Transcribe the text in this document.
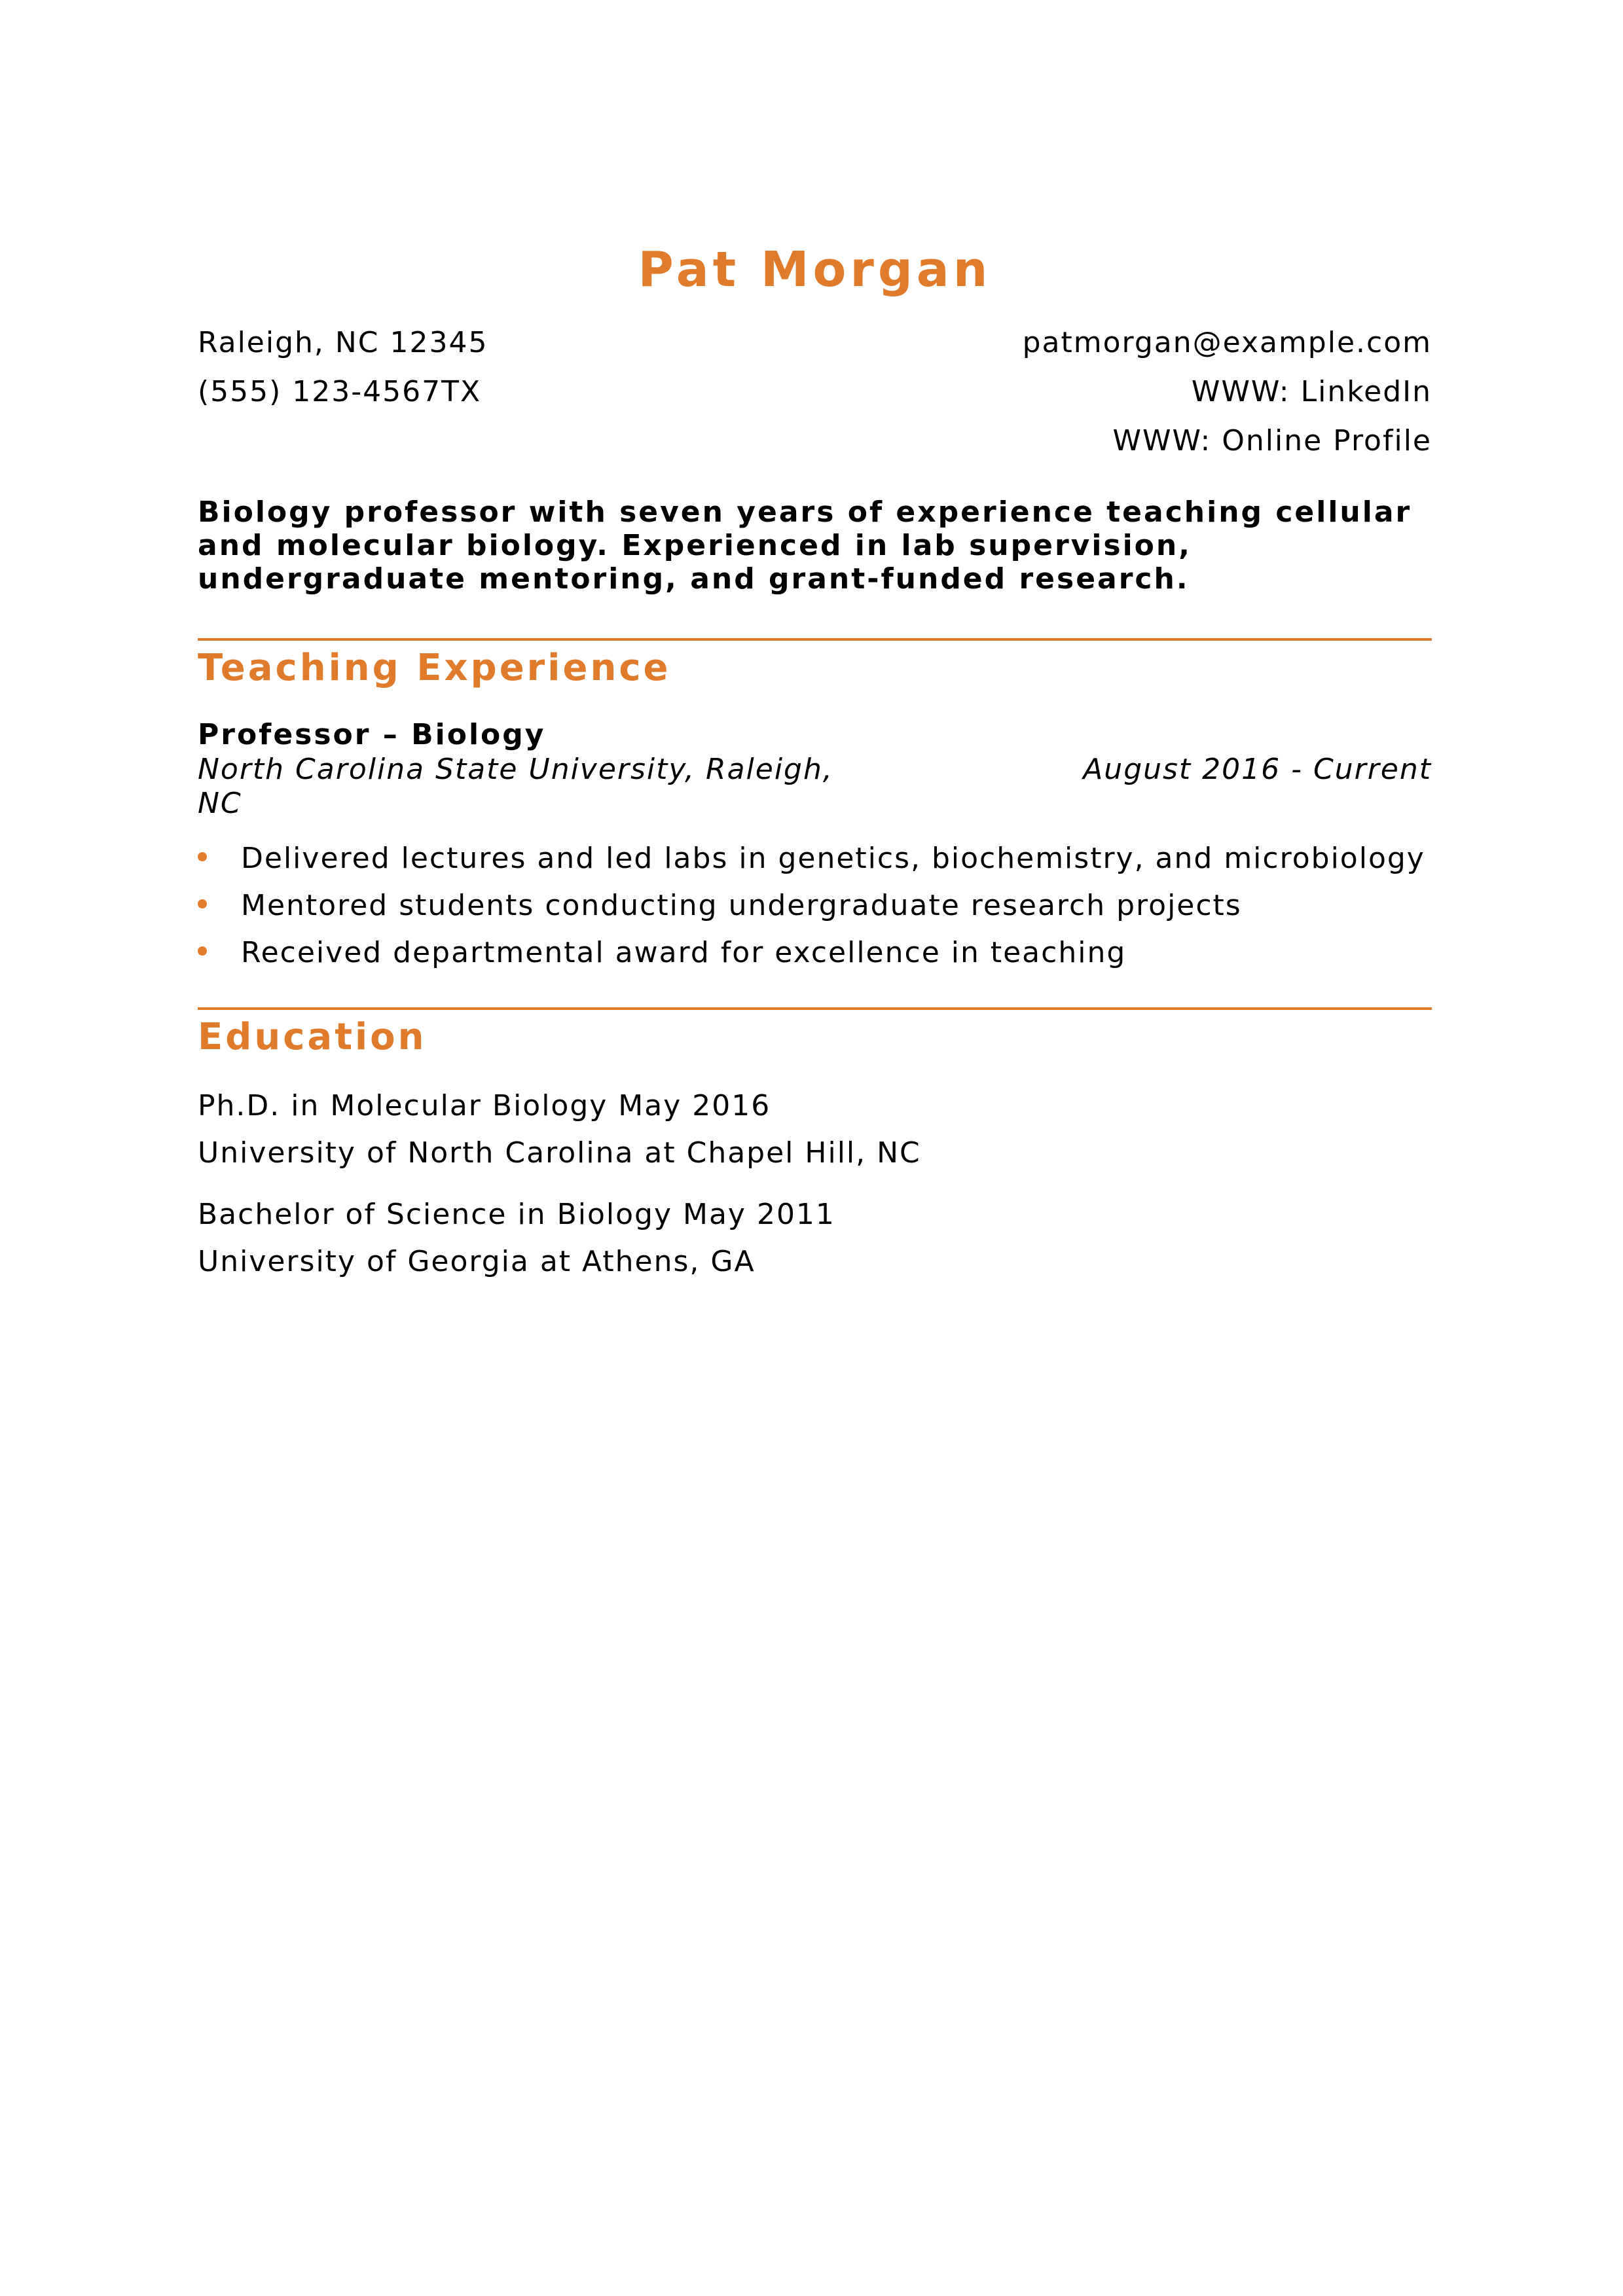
Pat Morgan
Raleigh, NC 12345	patmorgan@example.com
(555) 123-4567TX	WWW: LinkedIn
WWW: Online Profile
Biology professor with seven years of experience teaching cellular and molecular biology. Experienced in lab supervision, undergraduate mentoring, and grant-funded research.
Teaching Experience
Professor – Biology
North Carolina State University, Raleigh, NC
August 2016 - Current
Delivered lectures and led labs in genetics, biochemistry, and microbiology
Mentored students conducting undergraduate research projects
Received departmental award for excellence in teaching
Education
Ph.D. in Molecular Biology May 2016
University of North Carolina at Chapel Hill, NC
Bachelor of Science in Biology May 2011
University of Georgia at Athens, GA
